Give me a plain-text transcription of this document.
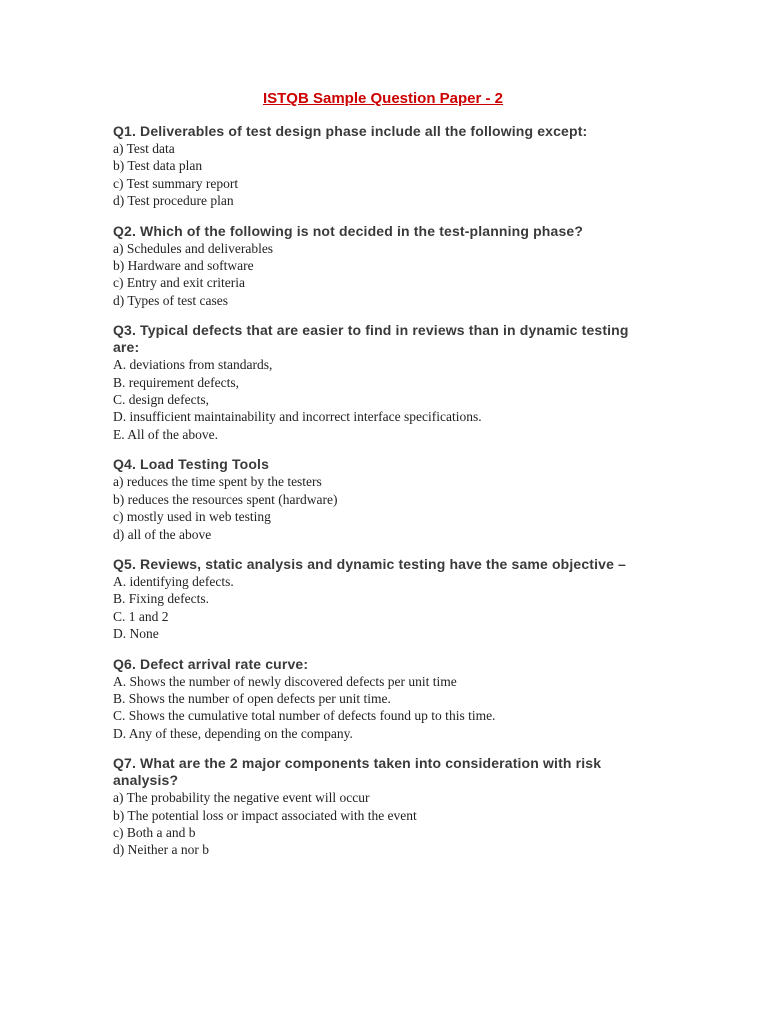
ISTQB Sample Question Paper - 2
Q1. Deliverables of test design phase include all the following except:
a) Test data
b) Test data plan
c) Test summary report
d) Test procedure plan
Q2. Which of the following is not decided in the test-planning phase?
a) Schedules and deliverables
b) Hardware and software
c) Entry and exit criteria
d) Types of test cases
Q3. Typical defects that are easier to find in reviews than in dynamic testing are:
A. deviations from standards,
B. requirement defects,
C. design defects,
D. insufficient maintainability and incorrect interface specifications.
E. All of the above.
Q4. Load Testing Tools
a) reduces the time spent by the testers
b) reduces the resources spent (hardware)
c) mostly used in web testing
d) all of the above
Q5. Reviews, static analysis and dynamic testing have the same objective –
A. identifying defects.
B. Fixing defects.
C. 1 and 2
D. None
Q6. Defect arrival rate curve:
A. Shows the number of newly discovered defects per unit time
B. Shows the number of open defects per unit time.
C. Shows the cumulative total number of defects found up to this time.
D. Any of these, depending on the company.
Q7. What are the 2 major components taken into consideration with risk analysis?
a) The probability the negative event will occur
b) The potential loss or impact associated with the event
c) Both a and b
d) Neither a nor b
